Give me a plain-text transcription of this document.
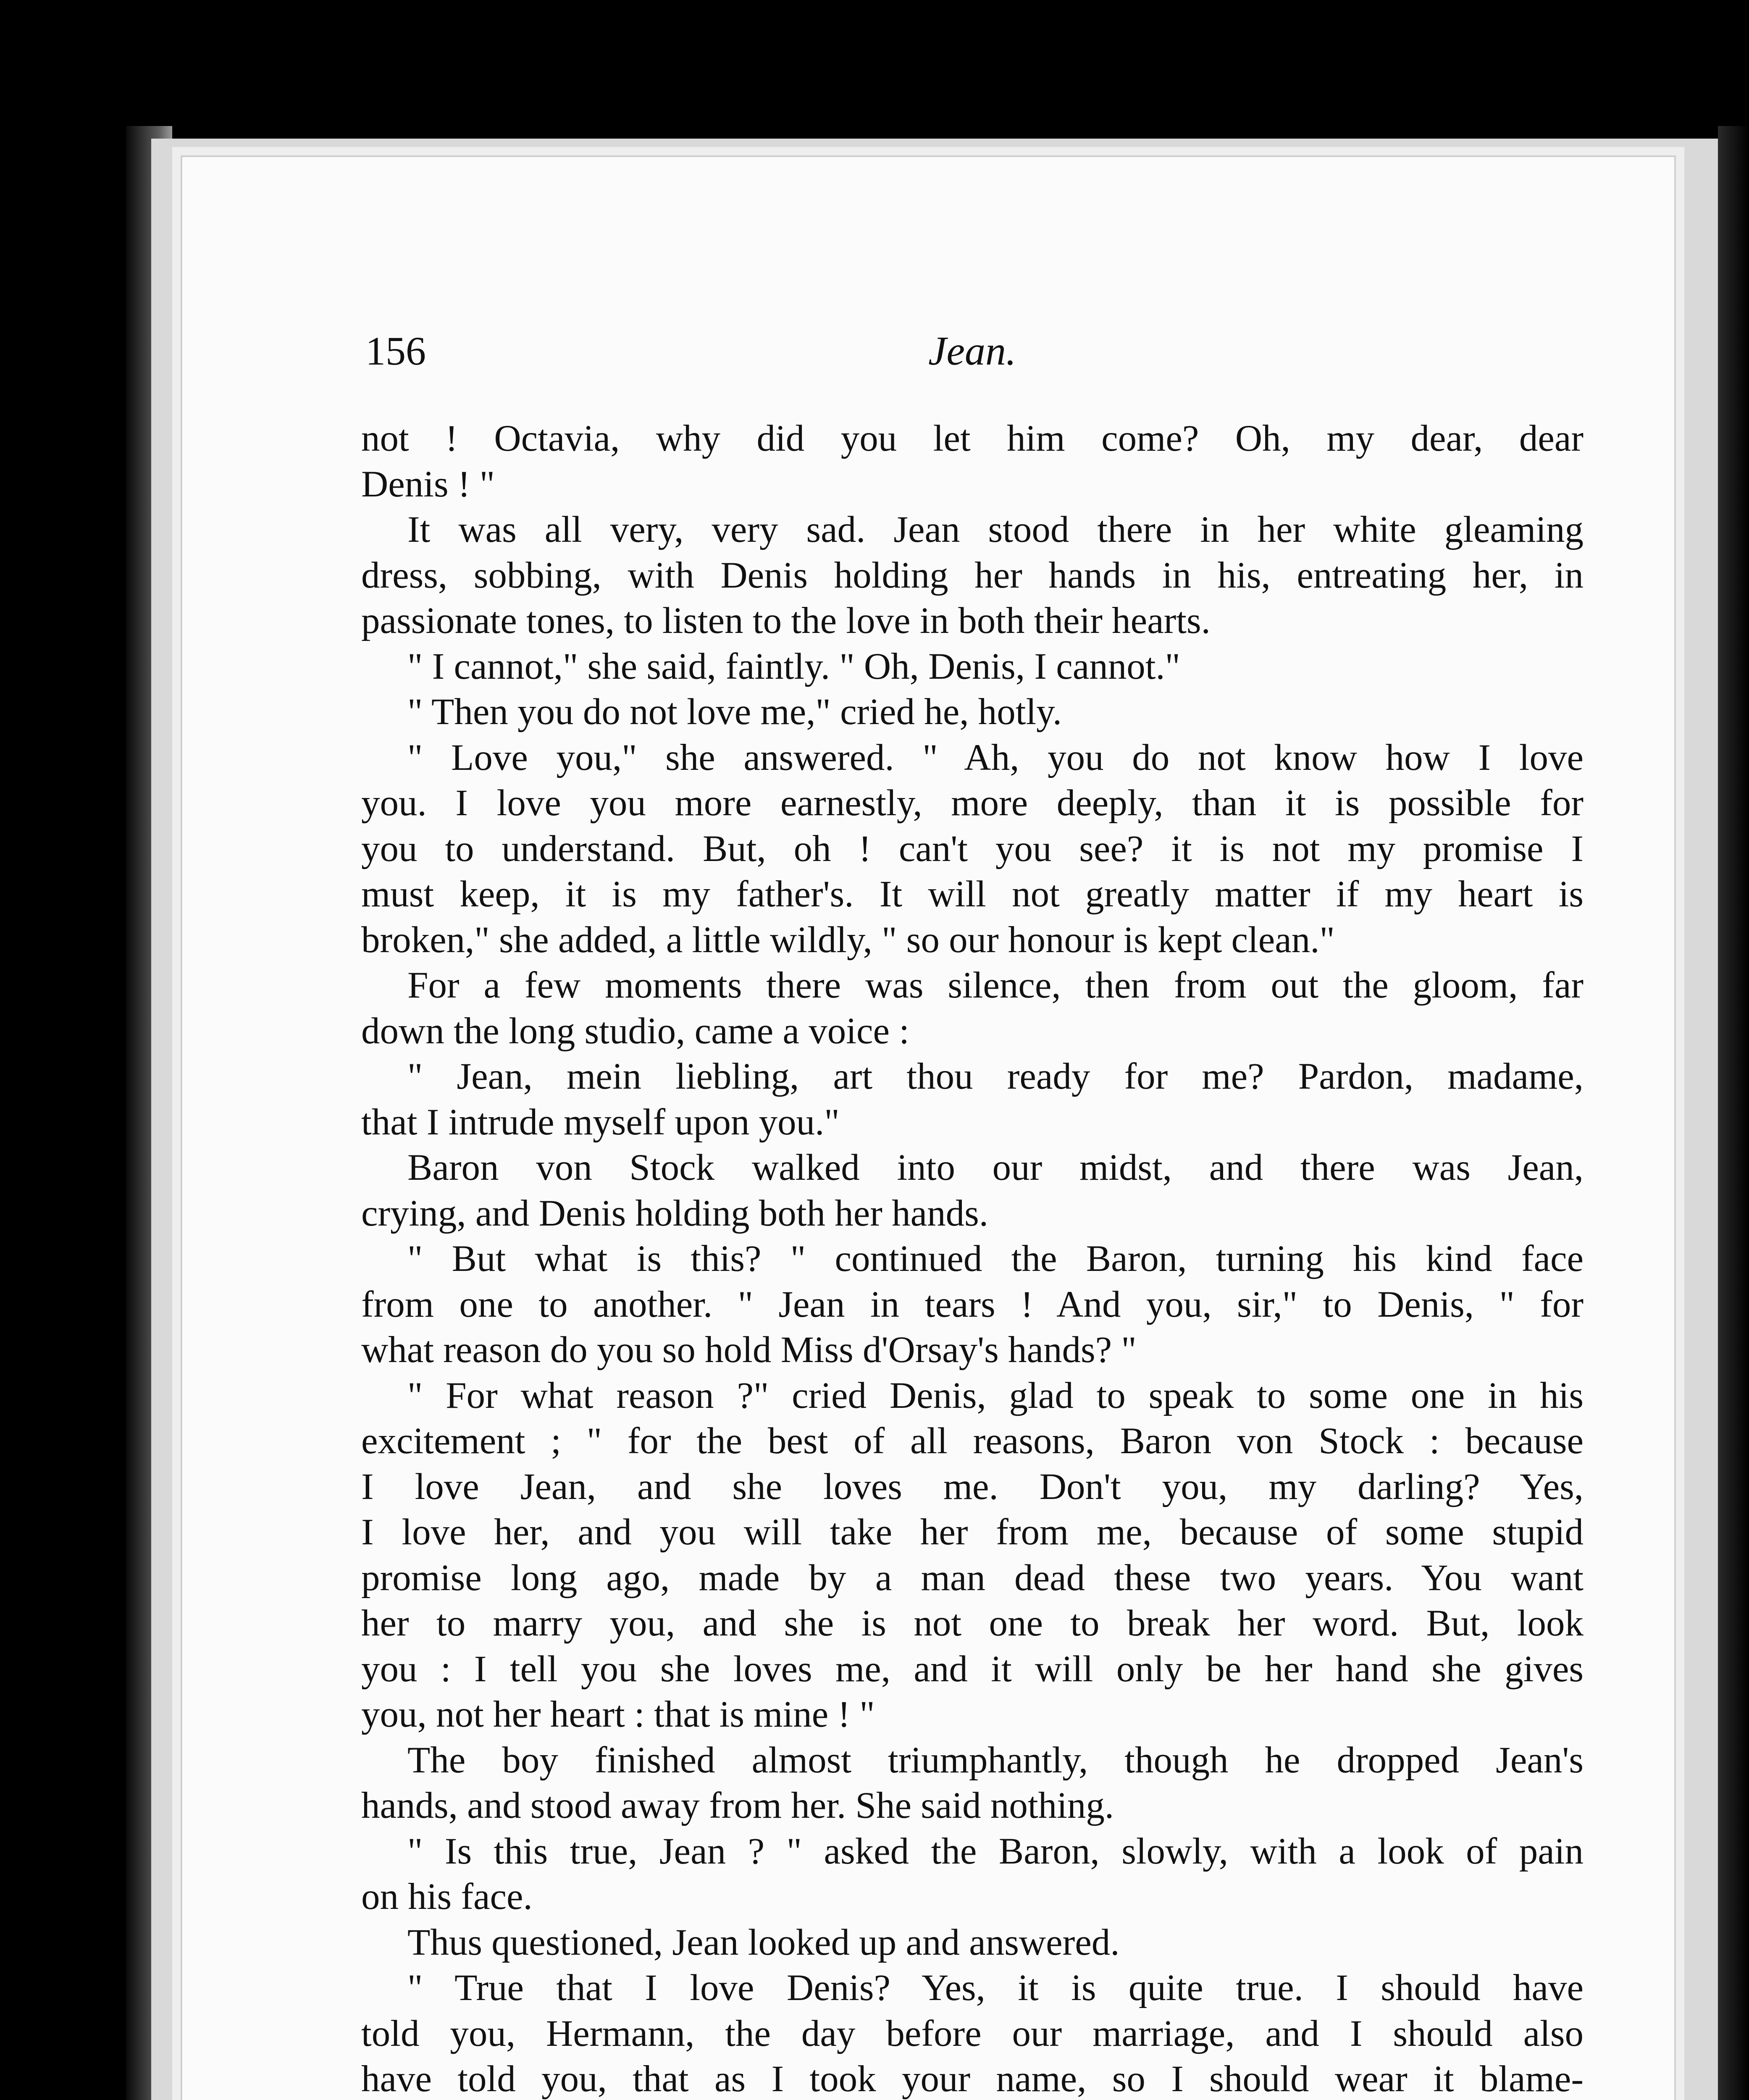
156	Jean.
not ! Octavia, why did you let him come? Oh, my dear, dear
Denis ! "
It was all very, very sad. Jean stood there in her white gleaming
dress, sobbing, with Denis holding her hands in his, entreating her, in
passionate tones, to listen to the love in both their hearts.
" I cannot," she said, faintly. " Oh, Denis, I cannot."
" Then you do not love me," cried he, hotly.
" Love you," she answered. " Ah, you do not know how I love
you. I love you more earnestly, more deeply, than it is possible for
you to understand. But, oh ! can't you see? it is not my promise I
must keep, it is my father's. It will not greatly matter if my heart is
broken," she added, a little wildly, " so our honour is kept clean."
For a few moments there was silence, then from out the gloom, far
down the long studio, came a voice :
" Jean, mein liebling, art thou ready for me? Pardon, madame,
that I intrude myself upon you."
Baron von Stock walked into our midst, and there was Jean,
crying, and Denis holding both her hands.
" But what is this? " continued the Baron, turning his kind face
from one to another. " Jean in tears ! And you, sir," to Denis, " for
what reason do you so hold Miss d'Orsay's hands? "
" For what reason ?" cried Denis, glad to speak to some one in his
excitement ; " for the best of all reasons, Baron von Stock : because
I love Jean, and she loves me. Don't you, my darling? Yes,
I love her, and you will take her from me, because of some stupid
promise long ago, made by a man dead these two years. You want
her to marry you, and she is not one to break her word. But, look
you : I tell you she loves me, and it will only be her hand she gives
you, not her heart : that is mine ! "
The boy finished almost triumphantly, though he dropped Jean's
hands, and stood away from her. She said nothing.
" Is this true, Jean ? " asked the Baron, slowly, with a look of pain
on his face.
Thus questioned, Jean looked up and answered.
" True that I love Denis? Yes, it is quite true. I should have
told you, Hermann, the day before our marriage, and I should also
have told you, that as I took your name, so I should wear it blame-
